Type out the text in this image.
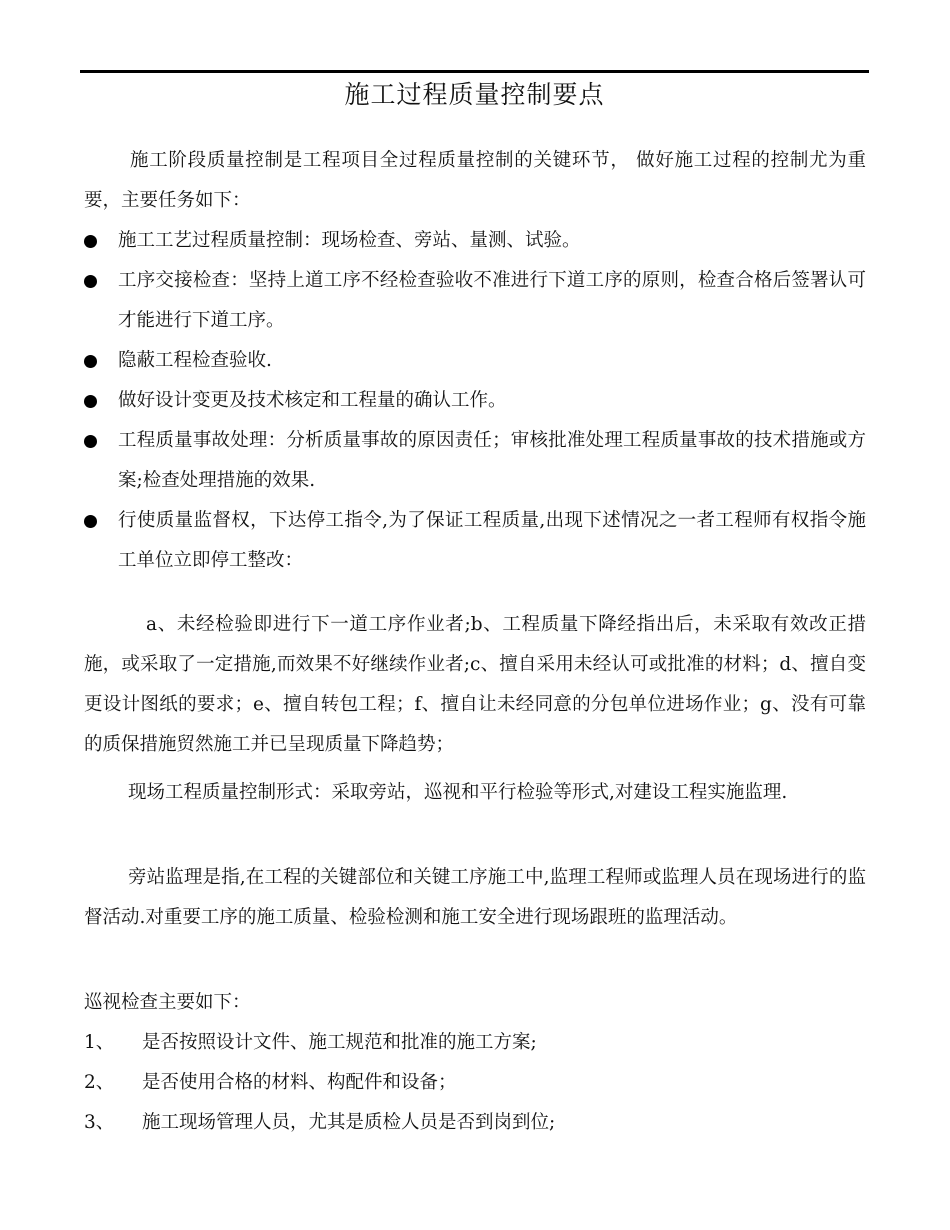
施工过程质量控制要点
施工阶段质量控制是工程项目全过程质量控制的关键环节， 做好施工过程的控制尤为重要，主要任务如下：
施工工艺过程质量控制：现场检查、旁站、量测、试验。
工序交接检查：坚持上道工序不经检查验收不准进行下道工序的原则，检查合格后签署认可才能进行下道工序。
隐蔽工程检查验收.
做好设计变更及技术核定和工程量的确认工作。
工程质量事故处理：分析质量事故的原因责任；审核批准处理工程质量事故的技术措施或方案;检查处理措施的效果.
行使质量监督权，下达停工指令,为了保证工程质量,出现下述情况之一者工程师有权指令施工单位立即停工整改：
a、未经检验即进行下一道工序作业者;b、工程质量下降经指出后，未采取有效改正措施，或采取了一定措施,而效果不好继续作业者;c、擅自采用未经认可或批准的材料；d、擅自变更设计图纸的要求；e、擅自转包工程；f、擅自让未经同意的分包单位进场作业；g、没有可靠的质保措施贸然施工并已呈现质量下降趋势；
现场工程质量控制形式：采取旁站，巡视和平行检验等形式,对建设工程实施监理.
旁站监理是指,在工程的关键部位和关键工序施工中,监理工程师或监理人员在现场进行的监督活动.对重要工序的施工质量、检验检测和施工安全进行现场跟班的监理活动。
巡视检查主要如下：
1、 是否按照设计文件、施工规范和批准的施工方案;
2、 是否使用合格的材料、构配件和设备；
3、 施工现场管理人员，尤其是质检人员是否到岗到位;
